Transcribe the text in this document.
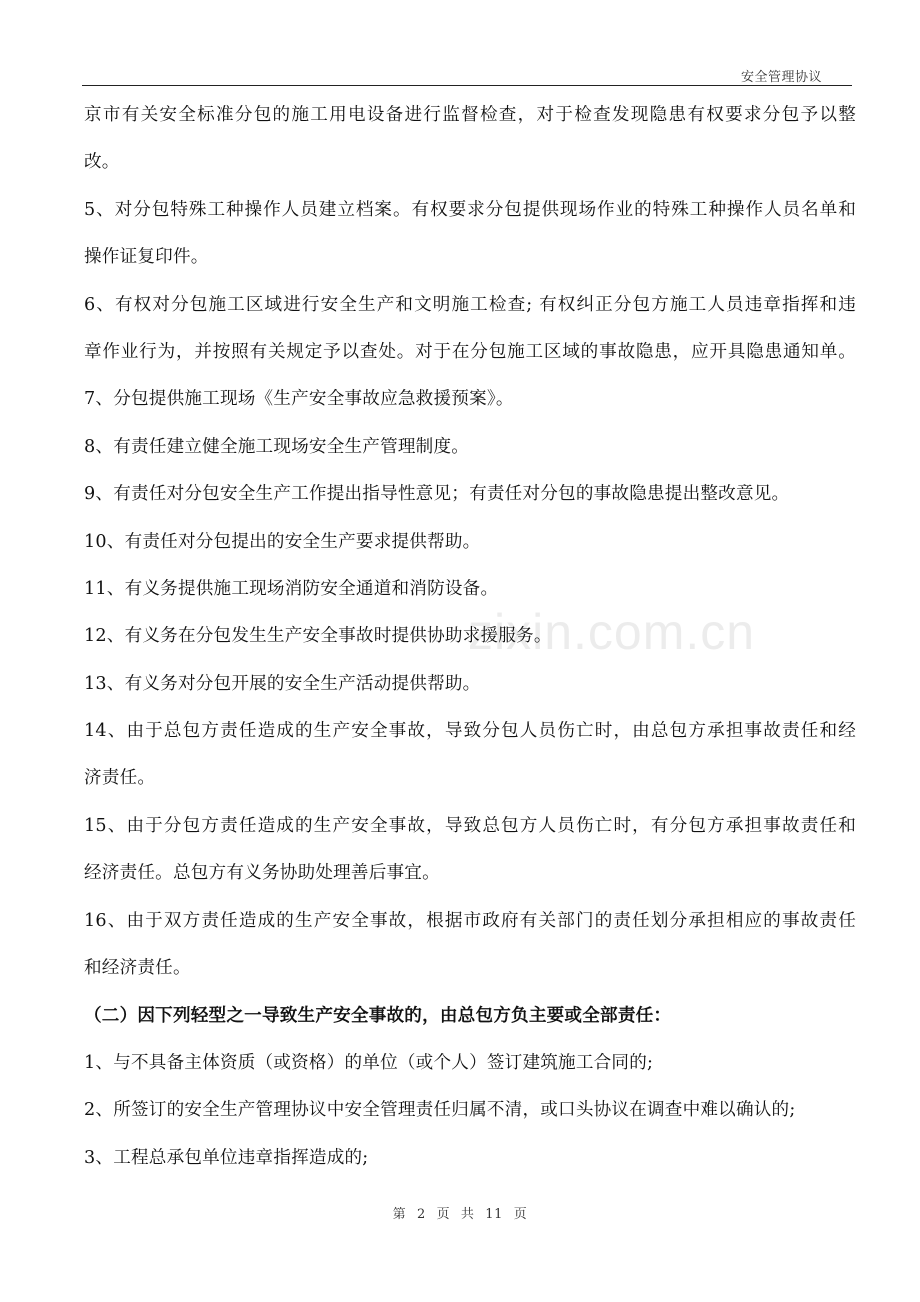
安全管理协议
zixin.com.cn
京市有关安全标准分包的施工用电设备进行监督检查，对于检查发现隐患有权要求分包予以整
改。
5、对分包特殊工种操作人员建立档案。有权要求分包提供现场作业的特殊工种操作人员名单和
操作证复印件。
6、有权对分包施工区域进行安全生产和文明施工检查; 有权纠正分包方施工人员违章指挥和违
章作业行为，并按照有关规定予以查处。对于在分包施工区域的事故隐患，应开具隐患通知单。
7、分包提供施工现场《生产安全事故应急救援预案》。
8、有责任建立健全施工现场安全生产管理制度。
9、有责任对分包安全生产工作提出指导性意见；有责任对分包的事故隐患提出整改意见。
10、有责任对分包提出的安全生产要求提供帮助。
11、有义务提供施工现场消防安全通道和消防设备。
12、有义务在分包发生生产安全事故时提供协助求援服务。
13、有义务对分包开展的安全生产活动提供帮助。
14、由于总包方责任造成的生产安全事故，导致分包人员伤亡时，由总包方承担事故责任和经
济责任。
15、由于分包方责任造成的生产安全事故，导致总包方人员伤亡时，有分包方承担事故责任和
经济责任。总包方有义务协助处理善后事宜。
16、由于双方责任造成的生产安全事故，根据市政府有关部门的责任划分承担相应的事故责任
和经济责任。
（二）因下列轻型之一导致生产安全事故的，由总包方负主要或全部责任：
1、与不具备主体资质（或资格）的单位（或个人）签订建筑施工合同的;
2、所签订的安全生产管理协议中安全管理责任归属不清，或口头协议在调查中难以确认的;
3、工程总承包单位违章指挥造成的;
第 2 页 共 11 页
